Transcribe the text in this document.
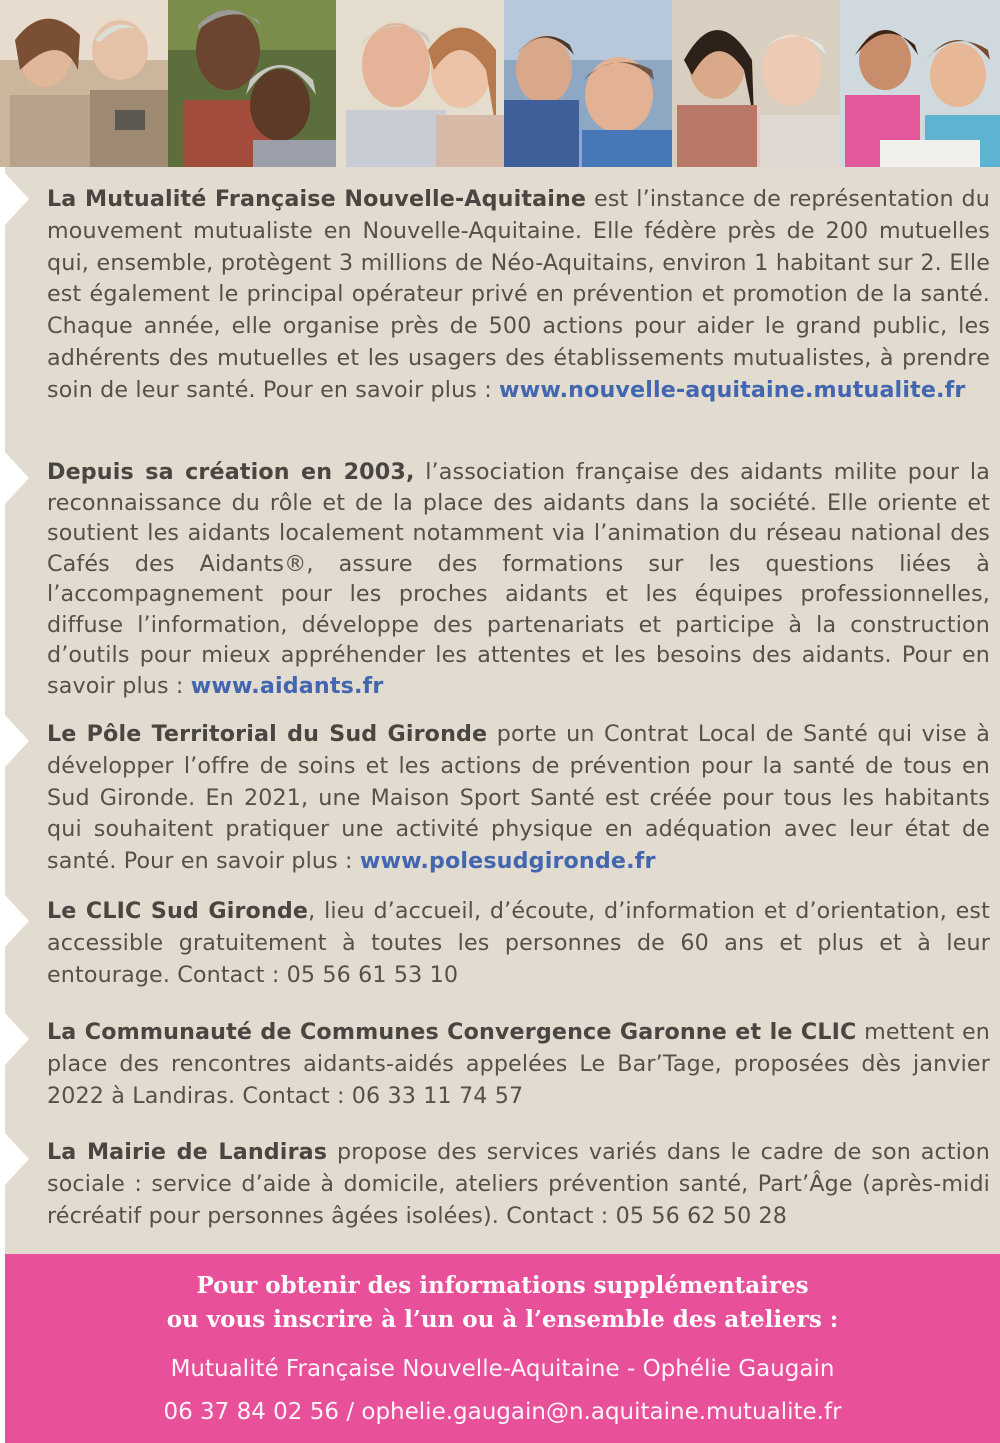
La Mutualité Française Nouvelle-Aquitaine est l’instance de représentation du mouvement mutualiste en Nouvelle-Aquitaine. Elle fédère près de 200 mutuelles qui, ensemble, protègent 3 millions de Néo-Aquitains, environ 1 habitant sur 2. Elle est également le principal opérateur privé en prévention et promotion de la santé. Chaque année, elle organise près de 500 actions pour aider le grand public, les adhérents des mutuelles et les usagers des établissements mutualistes, à prendre soin de leur santé. Pour en savoir plus : www.nouvelle-aquitaine.mutualite.fr

Depuis sa création en 2003, l’association française des aidants milite pour la reconnaissance du rôle et de la place des aidants dans la société. Elle oriente et soutient les aidants localement notamment via l’animation du réseau national des Cafés des Aidants®, assure des formations sur les questions liées à l’accompagnement pour les proches aidants et les équipes professionnelles, diffuse l’information, développe des partenariats et participe à la construction d’outils pour mieux appréhender les attentes et les besoins des aidants. Pour en savoir plus : www.aidants.fr

Le Pôle Territorial du Sud Gironde porte un Contrat Local de Santé qui vise à développer l’offre de soins et les actions de prévention pour la santé de tous en Sud Gironde. En 2021, une Maison Sport Santé est créée pour tous les habitants qui souhaitent pratiquer une activité physique en adéquation avec leur état de santé. Pour en savoir plus : www.polesudgironde.fr

Le CLIC Sud Gironde, lieu d’accueil, d’écoute, d’information et d’orientation, est accessible gratuitement à toutes les personnes de 60 ans et plus et à leur entourage. Contact : 05 56 61 53 10

La Communauté de Communes Convergence Garonne et le CLIC mettent en place des rencontres aidants-aidés appelées Le Bar’Tage, proposées dès janvier 2022 à Landiras. Contact : 06 33 11 74 57

La Mairie de Landiras propose des services variés dans le cadre de son action sociale : service d’aide à domicile, ateliers prévention santé, Part’Âge (après-midi récréatif pour personnes âgées isolées). Contact : 05 56 62 50 28

Pour obtenir des informations supplémentaires
ou vous inscrire à l’un ou à l’ensemble des ateliers :
Mutualité Française Nouvelle-Aquitaine - Ophélie Gaugain
06 37 84 02 56 / ophelie.gaugain@n.aquitaine.mutualite.fr
